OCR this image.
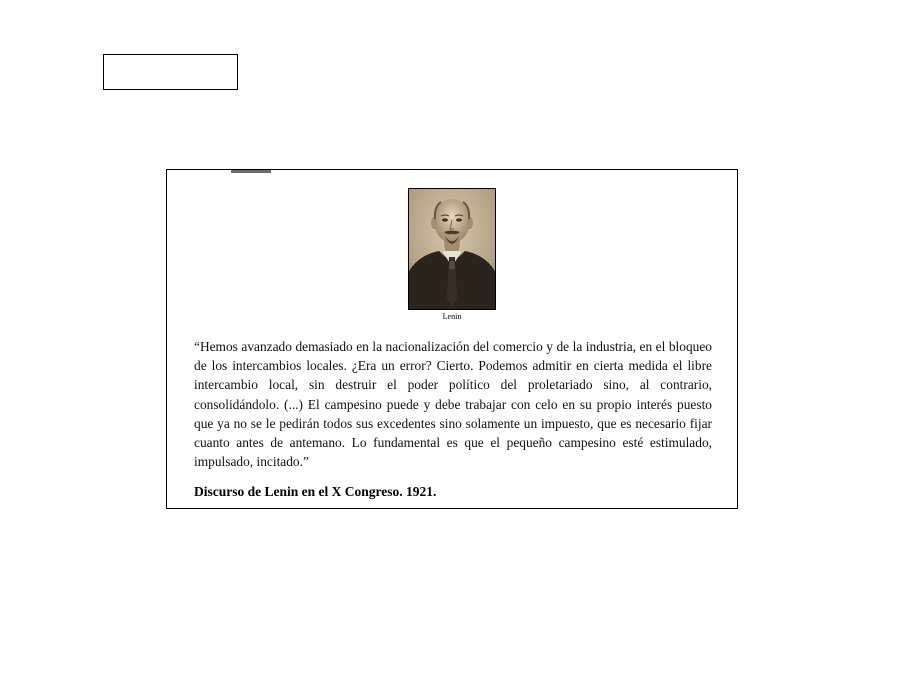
Lenin

“Hemos avanzado demasiado en la nacionalización del comercio y de la industria, en el bloqueo de los intercambios locales. ¿Era un error? Cierto. Podemos admitir en cierta medida el libre intercambio local, sin destruir el poder político del proletariado sino, al contrario, consolidándolo. (...) El campesino puede y debe trabajar con celo en su propio interés puesto que ya no se le pedirán todos sus excedentes sino solamente un impuesto, que es necesario fijar cuanto antes de antemano. Lo fundamental es que el pequeño campesino esté estimulado, impulsado, incitado.”

Discurso de Lenin en el X Congreso. 1921.
